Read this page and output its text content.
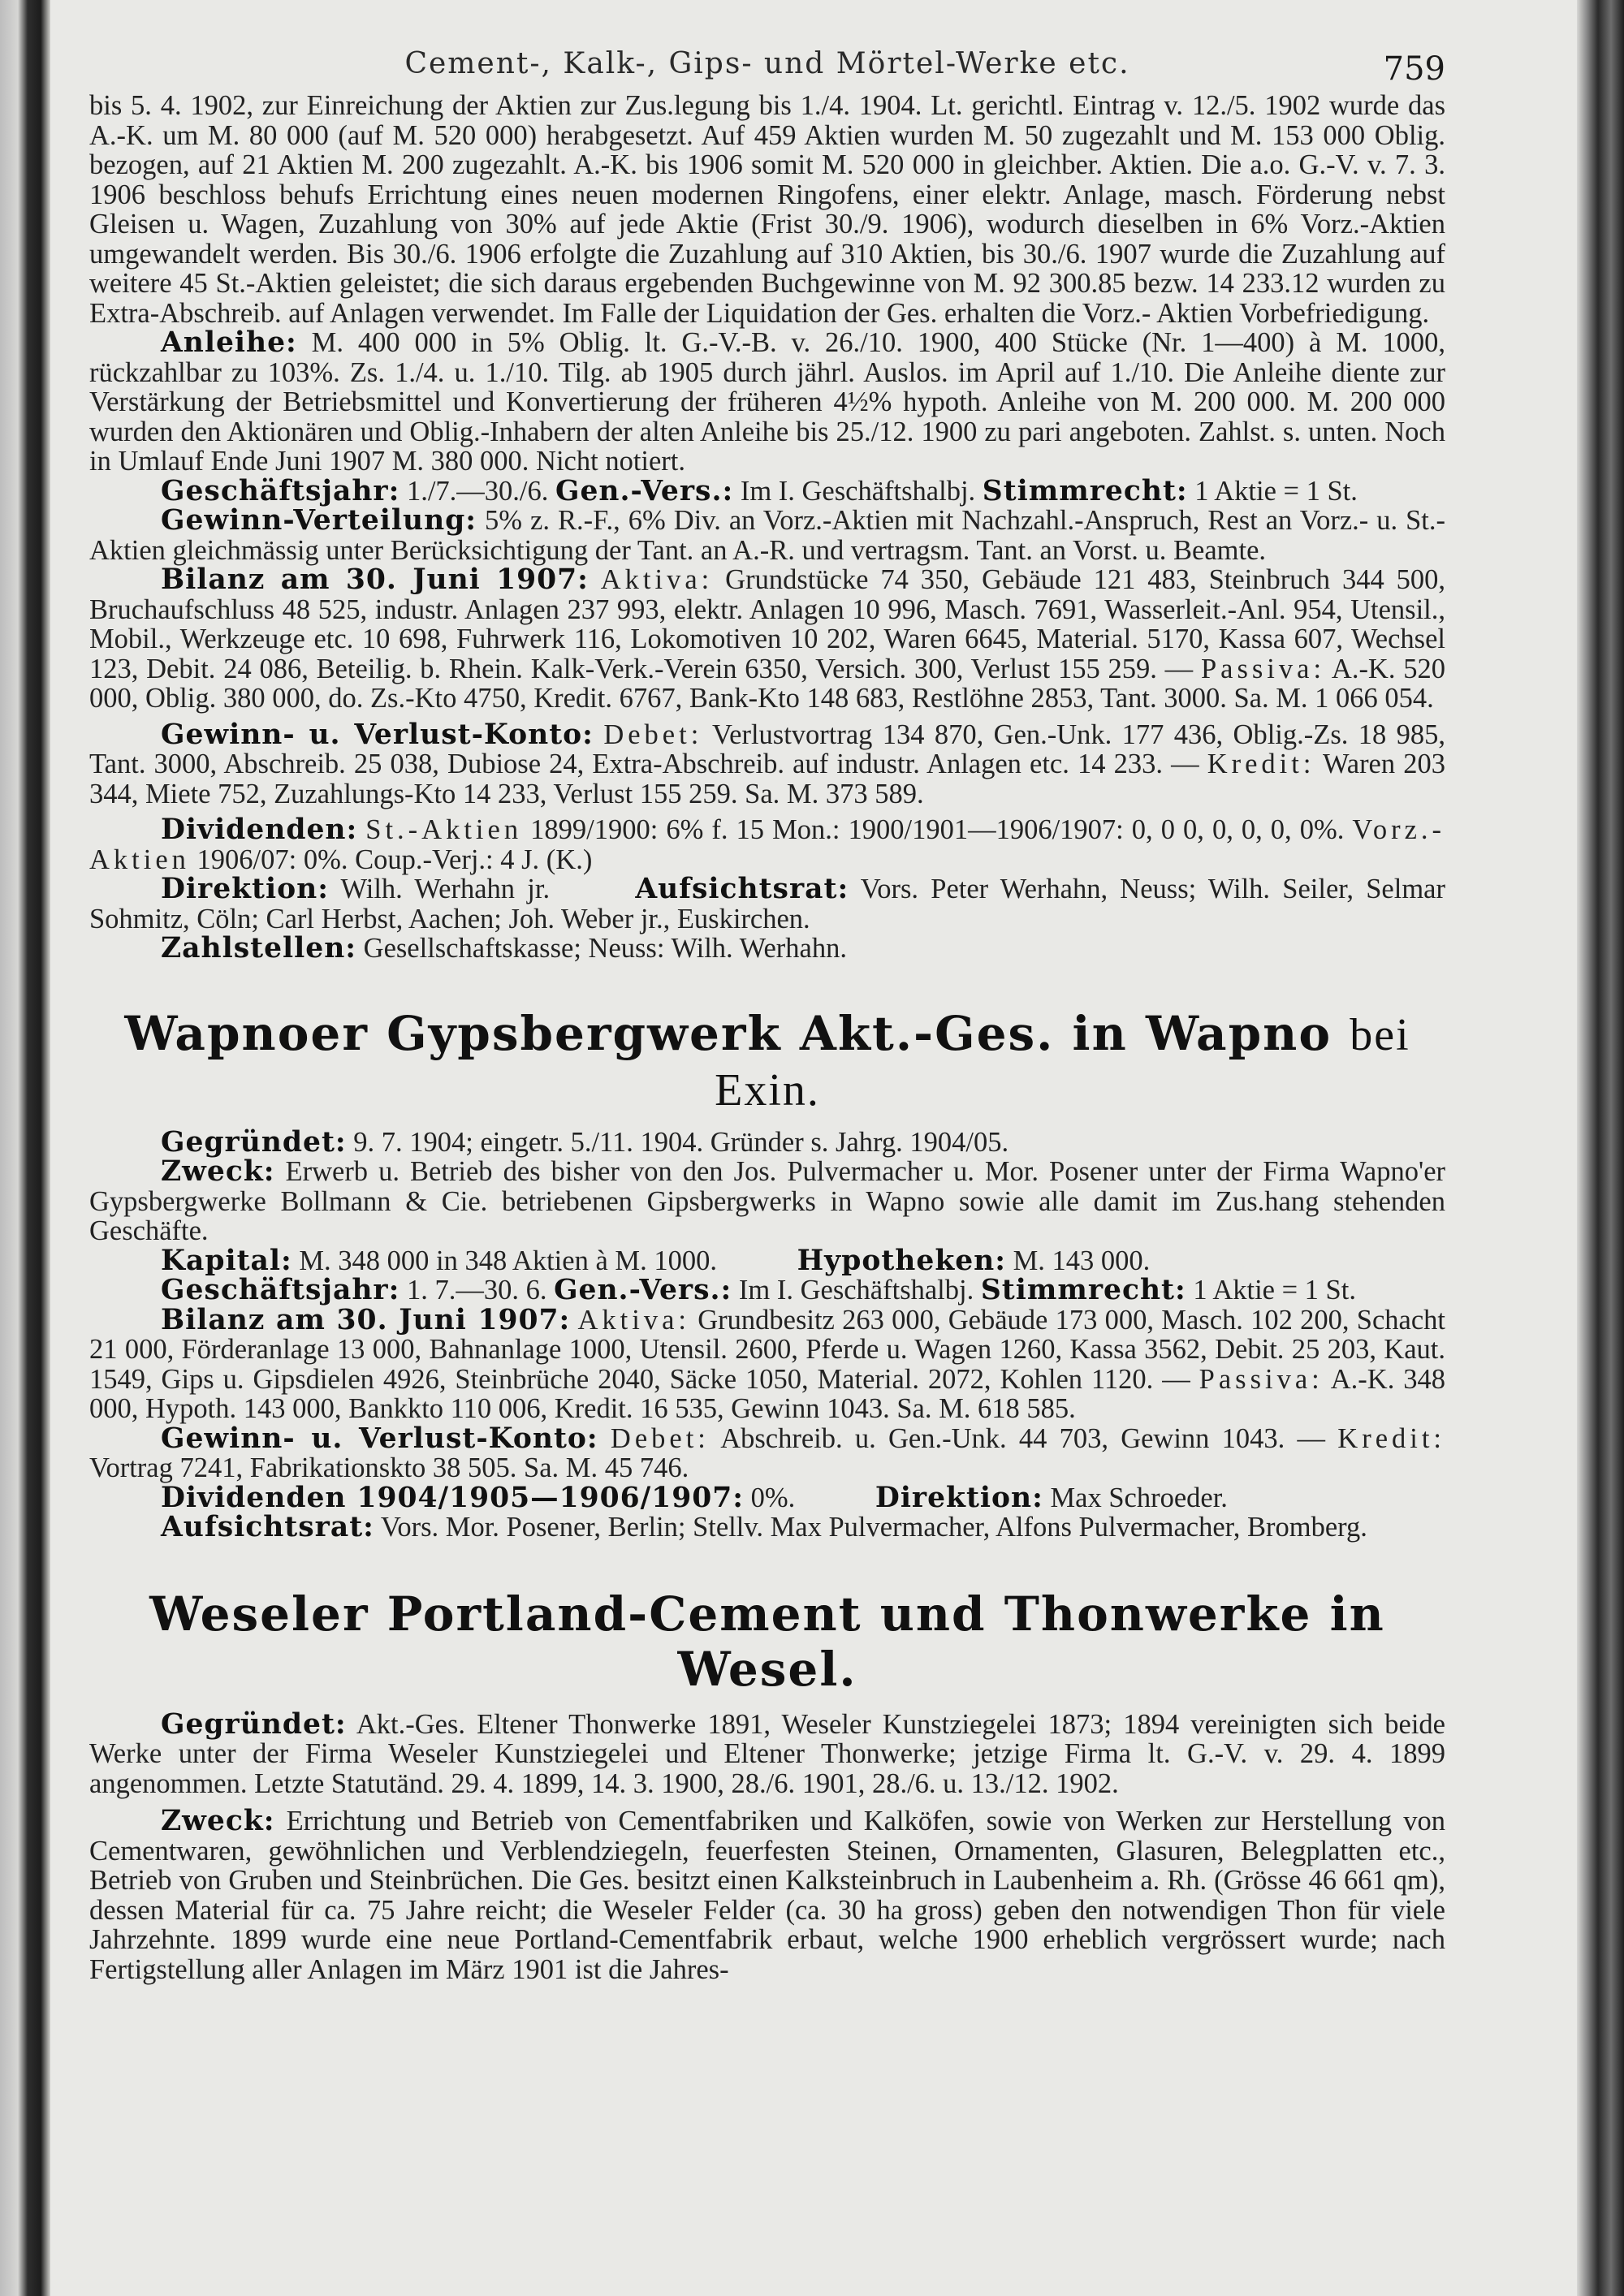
Cement-, Kalk-, Gips- und Mörtel-Werke etc.	759

bis 5. 4. 1902, zur Einreichung der Aktien zur Zus.legung bis 1./4. 1904. Lt. gerichtl. Eintrag v. 12./5. 1902 wurde das A.-K. um M. 80 000 (auf M. 520 000) herabgesetzt. Auf 459 Aktien wurden M. 50 zugezahlt und M. 153 000 Oblig. bezogen, auf 21 Aktien M. 200 zugezahlt. A.-K. bis 1906 somit M. 520 000 in gleichber. Aktien. Die a.o. G.-V. v. 7. 3. 1906 beschloss behufs Errichtung eines neuen modernen Ringofens, einer elektr. Anlage, masch. Förderung nebst Gleisen u. Wagen, Zuzahlung von 30% auf jede Aktie (Frist 30./9. 1906), wodurch dieselben in 6% Vorz.-Aktien umgewandelt werden. Bis 30./6. 1906 erfolgte die Zuzahlung auf 310 Aktien, bis 30./6. 1907 wurde die Zuzahlung auf weitere 45 St.-Aktien geleistet; die sich daraus ergebenden Buchgewinne von M. 92 300.85 bezw. 14 233.12 wurden zu Extra-Abschreib. auf Anlagen verwendet. Im Falle der Liquidation der Ges. erhalten die Vorz.- Aktien Vorbefriedigung.

Anleihe: M. 400 000 in 5% Oblig. lt. G.-V.-B. v. 26./10. 1900, 400 Stücke (Nr. 1—400) à M. 1000, rückzahlbar zu 103%. Zs. 1./4. u. 1./10. Tilg. ab 1905 durch jährl. Auslos. im April auf 1./10. Die Anleihe diente zur Verstärkung der Betriebsmittel und Konvertierung der früheren 4½% hypoth. Anleihe von M. 200 000. M. 200 000 wurden den Aktionären und Oblig.-Inhabern der alten Anleihe bis 25./12. 1900 zu pari angeboten. Zahlst. s. unten. Noch in Umlauf Ende Juni 1907 M. 380 000. Nicht notiert.

Geschäftsjahr: 1./7.—30./6. Gen.-Vers.: Im I. Geschäftshalbj. Stimmrecht: 1 Aktie = 1 St.

Gewinn-Verteilung: 5% z. R.-F., 6% Div. an Vorz.-Aktien mit Nachzahl.-Anspruch, Rest an Vorz.- u. St.-Aktien gleichmässig unter Berücksichtigung der Tant. an A.-R. und vertragsm. Tant. an Vorst. u. Beamte.

Bilanz am 30. Juni 1907: Aktiva: Grundstücke 74 350, Gebäude 121 483, Steinbruch 344 500, Bruchaufschluss 48 525, industr. Anlagen 237 993, elektr. Anlagen 10 996, Masch. 7691, Wasserleit.-Anl. 954, Utensil., Mobil., Werkzeuge etc. 10 698, Fuhrwerk 116, Lokomotiven 10 202, Waren 6645, Material. 5170, Kassa 607, Wechsel 123, Debit. 24 086, Beteilig. b. Rhein. Kalk-Verk.-Verein 6350, Versich. 300, Verlust 155 259. — Passiva: A.-K. 520 000, Oblig. 380 000, do. Zs.-Kto 4750, Kredit. 6767, Bank-Kto 148 683, Restlöhne 2853, Tant. 3000. Sa. M. 1 066 054.

Gewinn- u. Verlust-Konto: Debet: Verlustvortrag 134 870, Gen.-Unk. 177 436, Oblig.-Zs. 18 985, Tant. 3000, Abschreib. 25 038, Dubiose 24, Extra-Abschreib. auf industr. Anlagen etc. 14 233. — Kredit: Waren 203 344, Miete 752, Zuzahlungs-Kto 14 233, Verlust 155 259. Sa. M. 373 589.

Dividenden: St.-Aktien 1899/1900: 6% f. 15 Mon.: 1900/1901—1906/1907: 0, 0 0, 0, 0, 0, 0%. Vorz.-Aktien 1906/07: 0%. Coup.-Verj.: 4 J. (K.)

Direktion: Wilh. Werhahn jr.	Aufsichtsrat: Vors. Peter Werhahn, Neuss; Wilh. Seiler, Selmar Sohmitz, Cöln; Carl Herbst, Aachen; Joh. Weber jr., Euskirchen.

Zahlstellen: Gesellschaftskasse; Neuss: Wilh. Werhahn.

Wapnoer Gypsbergwerk Akt.-Ges. in Wapno bei Exin.

Gegründet: 9. 7. 1904; eingetr. 5./11. 1904. Gründer s. Jahrg. 1904/05.

Zweck: Erwerb u. Betrieb des bisher von den Jos. Pulvermacher u. Mor. Posener unter der Firma Wapno'er Gypsbergwerke Bollmann & Cie. betriebenen Gipsbergwerks in Wapno sowie alle damit im Zus.hang stehenden Geschäfte.

Kapital: M. 348 000 in 348 Aktien à M. 1000.	Hypotheken: M. 143 000.

Geschäftsjahr: 1. 7.—30. 6. Gen.-Vers.: Im I. Geschäftshalbj. Stimmrecht: 1 Aktie = 1 St.

Bilanz am 30. Juni 1907: Aktiva: Grundbesitz 263 000, Gebäude 173 000, Masch. 102 200, Schacht 21 000, Förderanlage 13 000, Bahnanlage 1000, Utensil. 2600, Pferde u. Wagen 1260, Kassa 3562, Debit. 25 203, Kaut. 1549, Gips u. Gipsdielen 4926, Steinbrüche 2040, Säcke 1050, Material. 2072, Kohlen 1120. — Passiva: A.-K. 348 000, Hypoth. 143 000, Bankkto 110 006, Kredit. 16 535, Gewinn 1043. Sa. M. 618 585.

Gewinn- u. Verlust-Konto: Debet: Abschreib. u. Gen.-Unk. 44 703, Gewinn 1043. — Kredit: Vortrag 7241, Fabrikationskto 38 505. Sa. M. 45 746.

Dividenden 1904/1905—1906/1907: 0%.	Direktion: Max Schroeder.

Aufsichtsrat: Vors. Mor. Posener, Berlin; Stellv. Max Pulvermacher, Alfons Pulvermacher, Bromberg.

Weseler Portland-Cement und Thonwerke in Wesel.

Gegründet: Akt.-Ges. Eltener Thonwerke 1891, Weseler Kunstziegelei 1873; 1894 vereinigten sich beide Werke unter der Firma Weseler Kunstziegelei und Eltener Thonwerke; jetzige Firma lt. G.-V. v. 29. 4. 1899 angenommen. Letzte Statutänd. 29. 4. 1899, 14. 3. 1900, 28./6. 1901, 28./6. u. 13./12. 1902.

Zweck: Errichtung und Betrieb von Cementfabriken und Kalköfen, sowie von Werken zur Herstellung von Cementwaren, gewöhnlichen und Verblendziegeln, feuerfesten Steinen, Ornamenten, Glasuren, Belegplatten etc., Betrieb von Gruben und Steinbrüchen. Die Ges. besitzt einen Kalksteinbruch in Laubenheim a. Rh. (Grösse 46 661 qm), dessen Material für ca. 75 Jahre reicht; die Weseler Felder (ca. 30 ha gross) geben den notwendigen Thon für viele Jahrzehnte. 1899 wurde eine neue Portland-Cementfabrik erbaut, welche 1900 erheblich vergrössert wurde; nach Fertigstellung aller Anlagen im März 1901 ist die Jahres-
